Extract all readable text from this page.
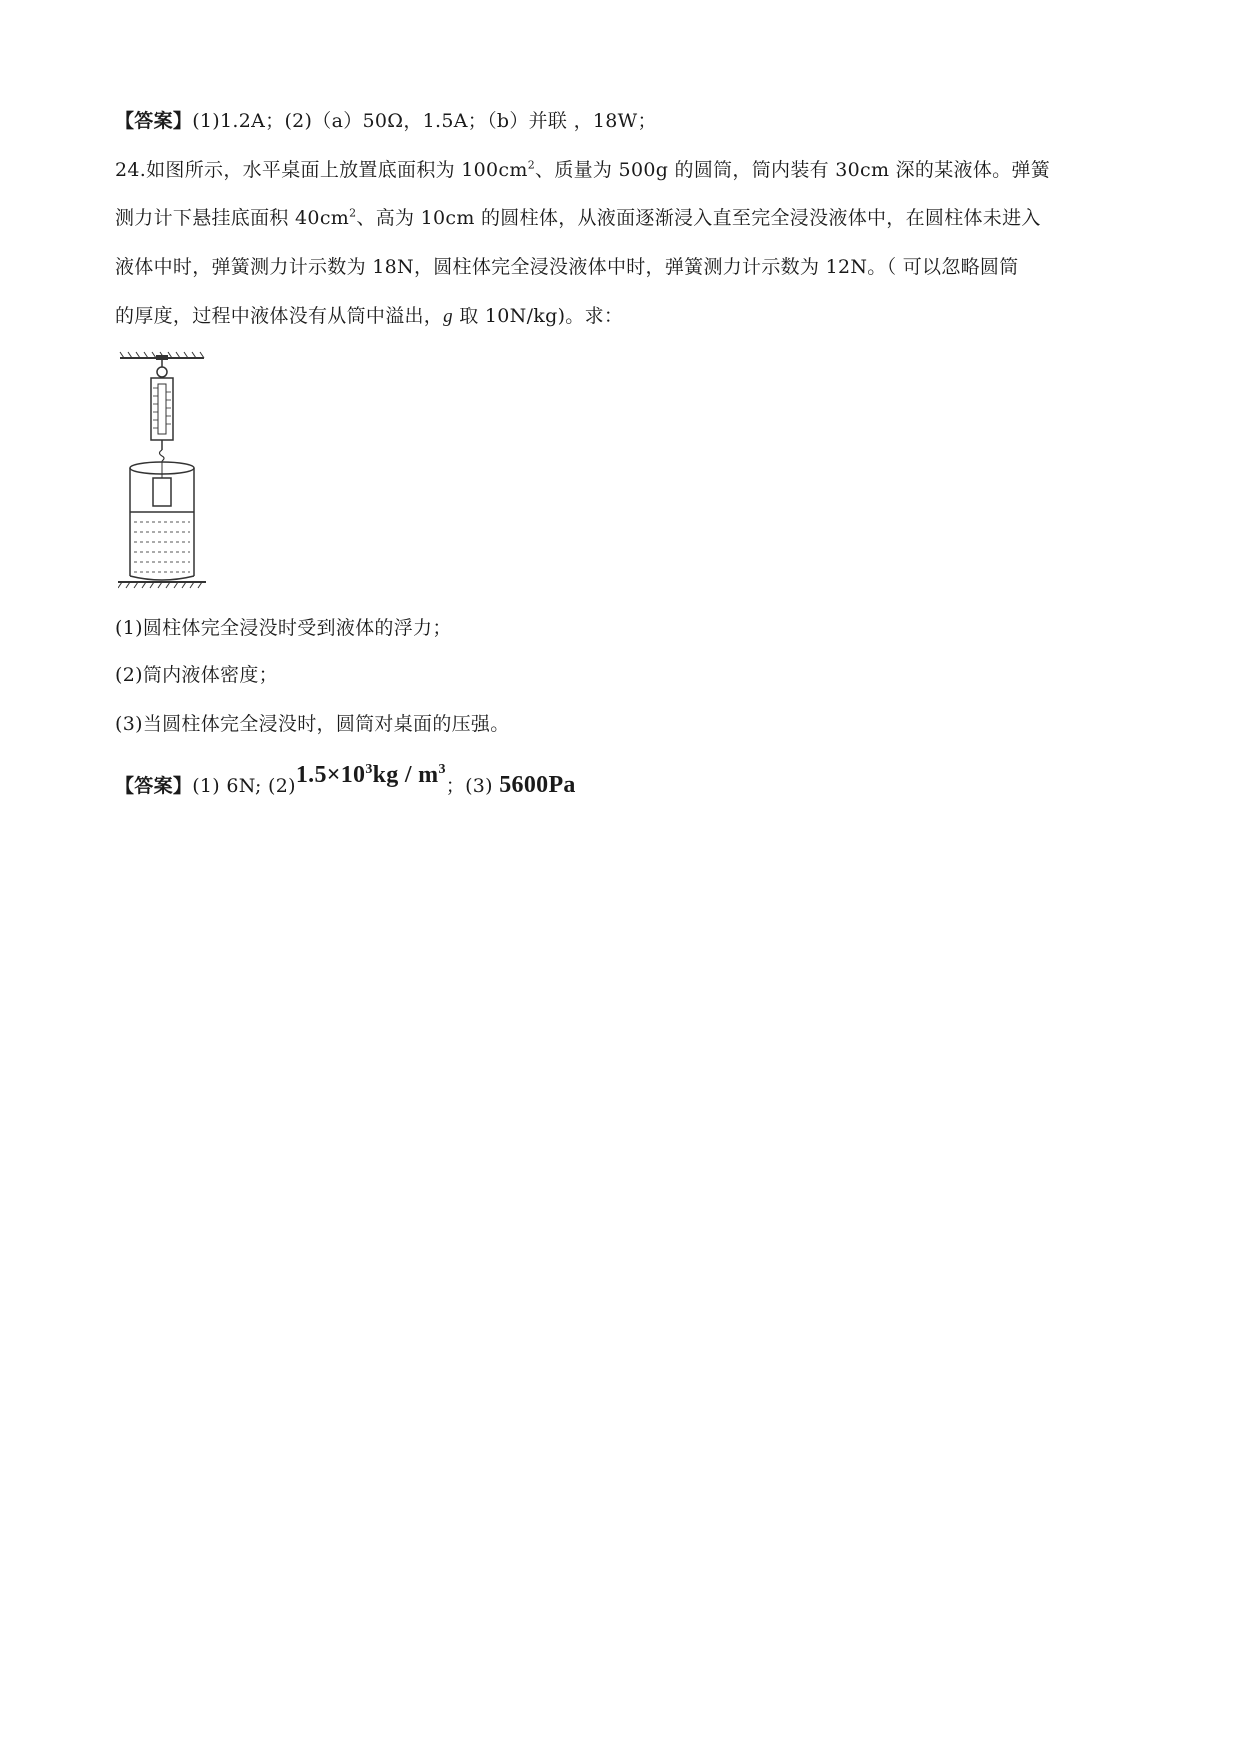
【答案】(1)1.2A；(2)（a）50Ω，1.5A；（b）并联 ，18W；
24.如图所示，水平桌面上放置底面积为 $100cm^2$、质量为 500g 的圆筒，筒内装有 30cm 深的某液体。弹簧
测力计下悬挂底面积 $40cm^2$、高为 10cm 的圆柱体，从液面逐渐浸入直至完全浸没液体中，在圆柱体未进入
液体中时，弹簧测力计示数为 18N，圆柱体完全浸没液体中时，弹簧测力计示数为 12N。（ 可以忽略圆筒
的厚度，过程中液体没有从筒中溢出，g 取 10N/kg)。求：
(1)圆柱体完全浸没时受到液体的浮力；
(2)筒内液体密度；
(3)当圆柱体完全浸没时，圆筒对桌面的压强。
【答案】(1) 6N; $(2)1.5\times 10^3kg / m^3$；(3) 5600Pa
